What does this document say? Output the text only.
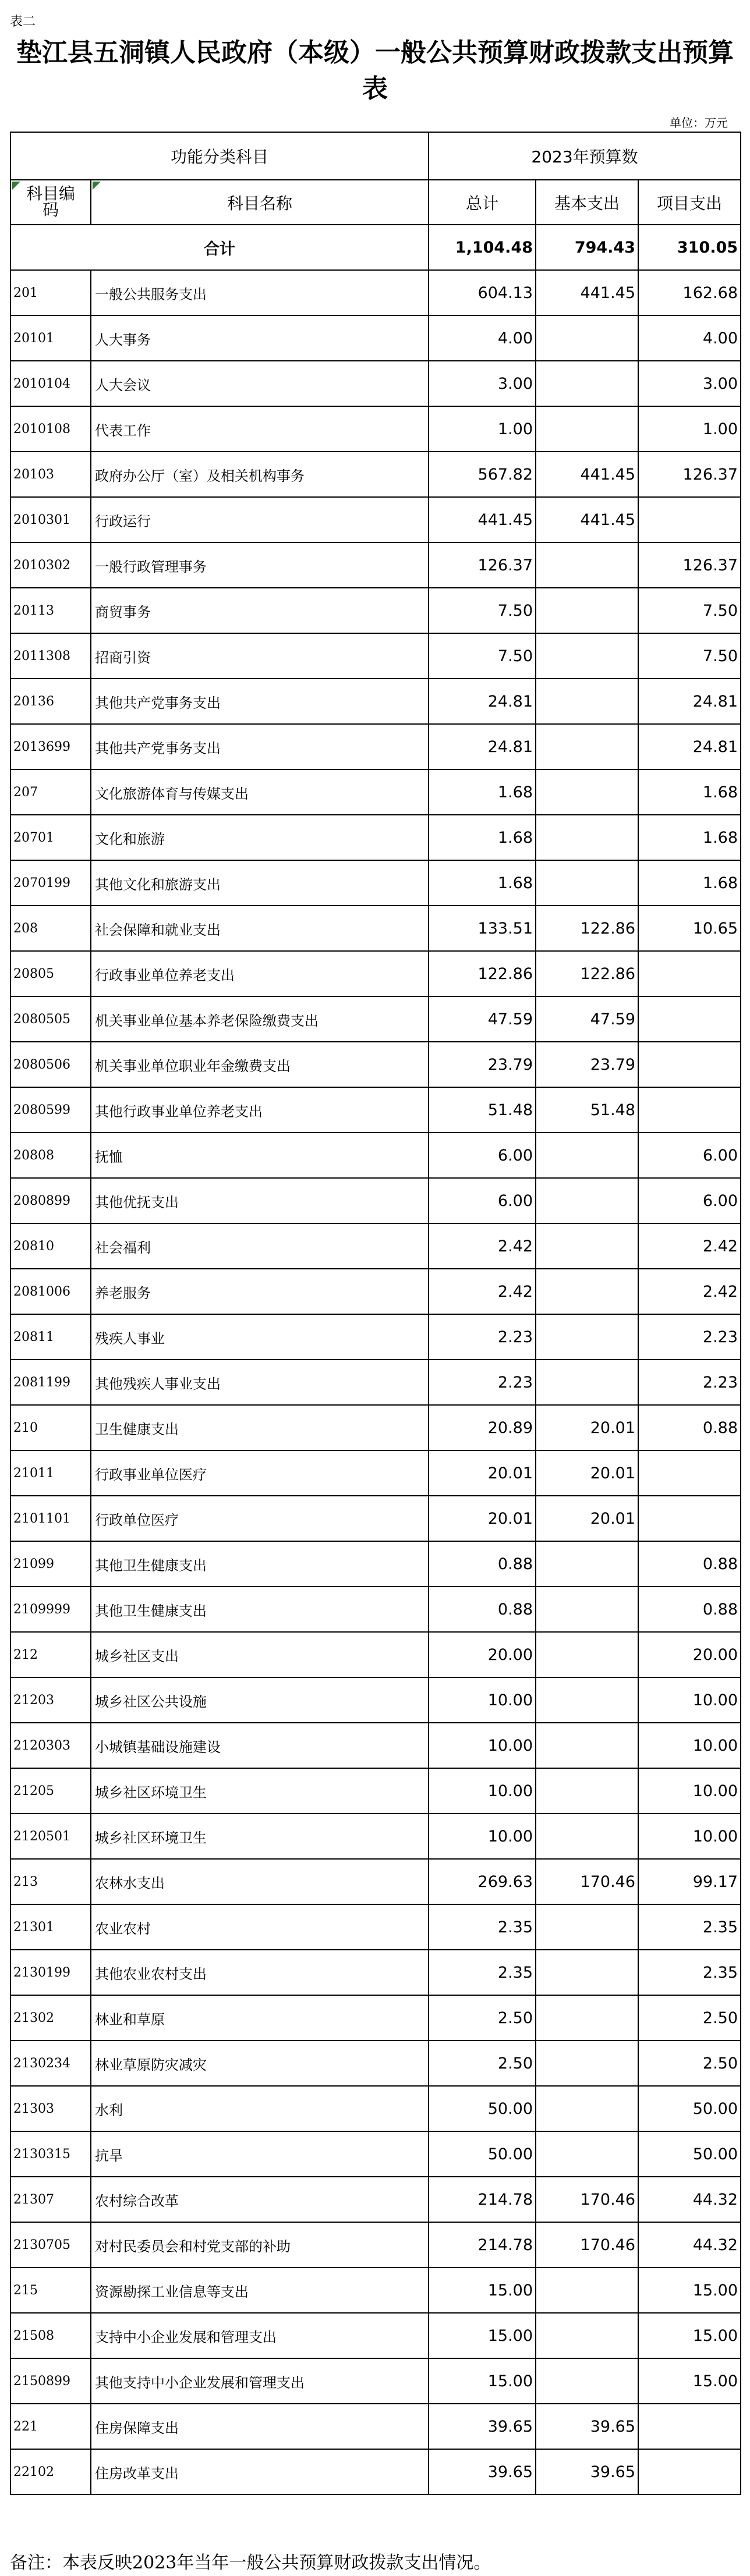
表二
垫江县五洞镇人民政府（本级）一般公共预算财政拨款支出预算表
单位：万元
功能分类科目		2023年预算数		

科目编码	科目名称	总计	基本支出	项目支出
合计		1,104.48	794.43	310.05
201	一般公共服务支出	604.13	441.45	162.68
20101	人大事务	4.00		4.00
2010104	人大会议	3.00		3.00
2010108	代表工作	1.00		1.00
20103	政府办公厅（室）及相关机构事务	567.82	441.45	126.37
2010301	行政运行	441.45	441.45	
2010302	一般行政管理事务	126.37		126.37
20113	商贸事务	7.50		7.50
2011308	招商引资	7.50		7.50
20136	其他共产党事务支出	24.81		24.81
2013699	其他共产党事务支出	24.81		24.81
207	文化旅游体育与传媒支出	1.68		1.68
20701	文化和旅游	1.68		1.68
2070199	其他文化和旅游支出	1.68		1.68
208	社会保障和就业支出	133.51	122.86	10.65
20805	行政事业单位养老支出	122.86	122.86	
2080505	机关事业单位基本养老保险缴费支出	47.59	47.59	
2080506	机关事业单位职业年金缴费支出	23.79	23.79	
2080599	其他行政事业单位养老支出	51.48	51.48	
20808	抚恤	6.00		6.00
2080899	其他优抚支出	6.00		6.00
20810	社会福利	2.42		2.42
2081006	养老服务	2.42		2.42
20811	残疾人事业	2.23		2.23
2081199	其他残疾人事业支出	2.23		2.23
210	卫生健康支出	20.89	20.01	0.88
21011	行政事业单位医疗	20.01	20.01	
2101101	行政单位医疗	20.01	20.01	
21099	其他卫生健康支出	0.88		0.88
2109999	其他卫生健康支出	0.88		0.88
212	城乡社区支出	20.00		20.00
21203	城乡社区公共设施	10.00		10.00
2120303	小城镇基础设施建设	10.00		10.00
21205	城乡社区环境卫生	10.00		10.00
2120501	城乡社区环境卫生	10.00		10.00
213	农林水支出	269.63	170.46	99.17
21301	农业农村	2.35		2.35
2130199	其他农业农村支出	2.35		2.35
21302	林业和草原	2.50		2.50
2130234	林业草原防灾减灾	2.50		2.50
21303	水利	50.00		50.00
2130315	抗旱	50.00		50.00
21307	农村综合改革	214.78	170.46	44.32
2130705	对村民委员会和村党支部的补助	214.78	170.46	44.32
215	资源勘探工业信息等支出	15.00		15.00
21508	支持中小企业发展和管理支出	15.00		15.00
2150899	其他支持中小企业发展和管理支出	15.00		15.00
221	住房保障支出	39.65	39.65	
22102	住房改革支出	39.65	39.65	
备注：本表反映2023年当年一般公共预算财政拨款支出情况。
